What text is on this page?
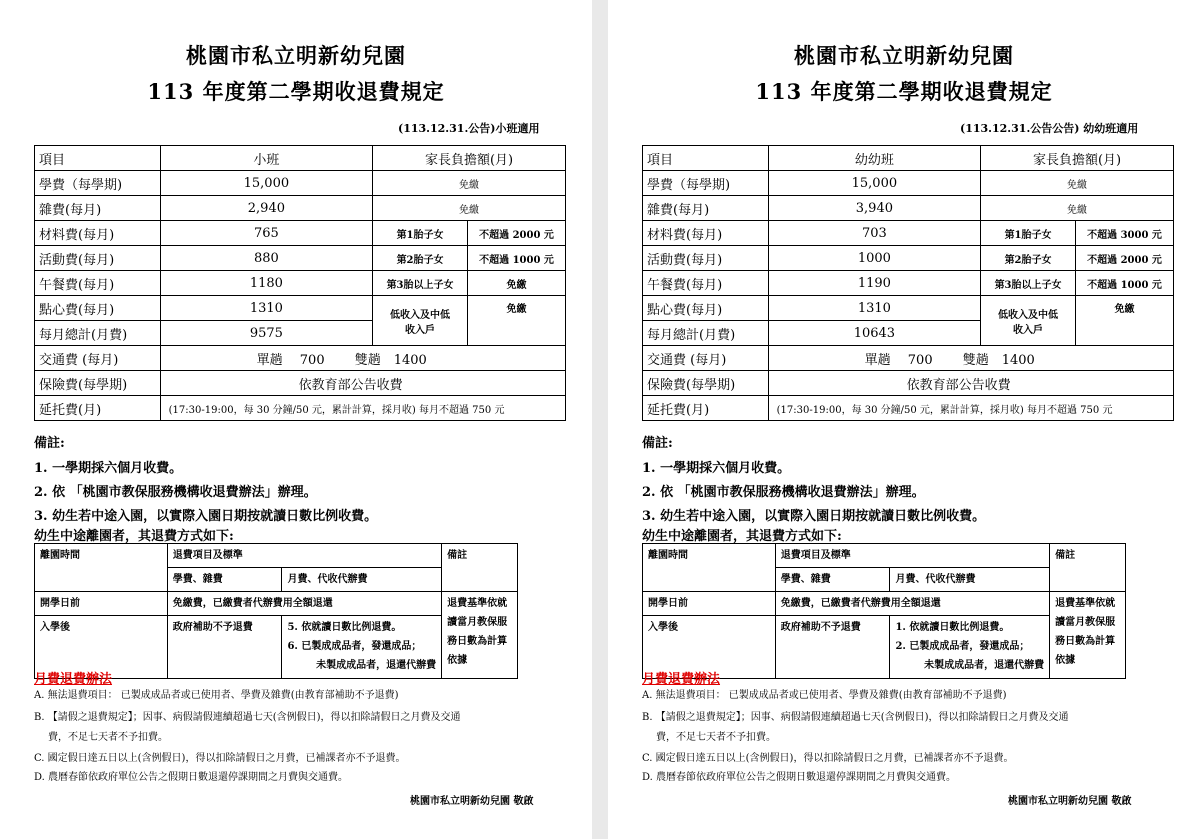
桃園市私立明新幼兒園
113 年度第二學期收退費規定
(113.12.31.公告)小班適用
項目	小班	家長負擔額(月)	
學費（每學期)	15,000	免繳	
雜費(每月)	2,940	免繳	
材料費(每月)	765	第1胎子女	不超過 2000 元
活動費(每月)	880	第2胎子女	不超過 1000 元
午餐費(每月)	1180	第3胎以上子女	免繳
點心費(每月)	1310	低收入及中低
收入戶	免繳
每月總計(月費)	9575		
交通費 (每月)	單趟　 700　　 雙趟　1400		
保險費(每學期)	依教育部公告收費		
延托費(月)	(17:30-19:00，每 30 分鐘/50 元，累計計算，採月收) 每月不超過 750 元		
備註:
1. 一學期採六個月收費。
2. 依 「桃園市教保服務機構收退費辦法」辦理。
3. 幼生若中途入園，以實際入園日期按就讀日數比例收費。
幼生中途離園者，其退費方式如下:
離園時間	退費項目及標準		備註
	學費、雜費	月費、代收代辦費	
開學日前	免繳費，已繳費者代辦費用全額退還		退費基準依就讀當月教保服務日數為計算依據
入學後	政府補助不予退費	5. 依就讀日數比例退費。
6. 已製成成品者，發還成品；
未製成成品者，退還代辦費	
月費退費辦法
A. 無法退費項目： 已製成成品者或已使用者、學費及雜費(由教育部補助不予退費)
B. 【請假之退費規定】；因事、病假請假連續超過七天(含例假日)，得以扣除請假日之月費及交通
費，不足七天者不予扣費。
C. 國定假日達五日以上(含例假日)，得以扣除請假日之月費，已補課者亦不予退費。
D. 農曆春節依政府單位公告之假期日數退還停課期間之月費與交通費。
桃園市私立明新幼兒園 敬啟
桃園市私立明新幼兒園
113 年度第二學期收退費規定
(113.12.31.公告公告) 幼幼班適用
項目	幼幼班	家長負擔額(月)	
學費（每學期)	15,000	免繳	
雜費(每月)	3,940	免繳	
材料費(每月)	703	第1胎子女	不超過 3000 元
活動費(每月)	1000	第2胎子女	不超過 2000 元
午餐費(每月)	1190	第3胎以上子女	不超過 1000 元
點心費(每月)	1310	低收入及中低
收入戶	免繳
每月總計(月費)	10643		
交通費 (每月)	單趟　 700　　 雙趟　1400		
保險費(每學期)	依教育部公告收費		
延托費(月)	(17:30-19:00，每 30 分鐘/50 元，累計計算，採月收) 每月不超過 750 元		
備註:
1. 一學期採六個月收費。
2. 依 「桃園市教保服務機構收退費辦法」辦理。
3. 幼生若中途入園，以實際入園日期按就讀日數比例收費。
幼生中途離園者，其退費方式如下:
離園時間	退費項目及標準		備註
	學費、雜費	月費、代收代辦費	
開學日前	免繳費，已繳費者代辦費用全額退還		退費基準依就讀當月教保服務日數為計算依據
入學後	政府補助不予退費	1. 依就讀日數比例退費。
2. 已製成成品者，發還成品；
未製成成品者，退還代辦費	
月費退費辦法
A. 無法退費項目： 已製成成品者或已使用者、學費及雜費(由教育部補助不予退費)
B. 【請假之退費規定】；因事、病假請假連續超過七天(含例假日)，得以扣除請假日之月費及交通
費，不足七天者不予扣費。
C. 國定假日達五日以上(含例假日)，得以扣除請假日之月費，已補課者亦不予退費。
D. 農曆春節依政府單位公告之假期日數退還停課期間之月費與交通費。
桃園市私立明新幼兒園 敬啟
